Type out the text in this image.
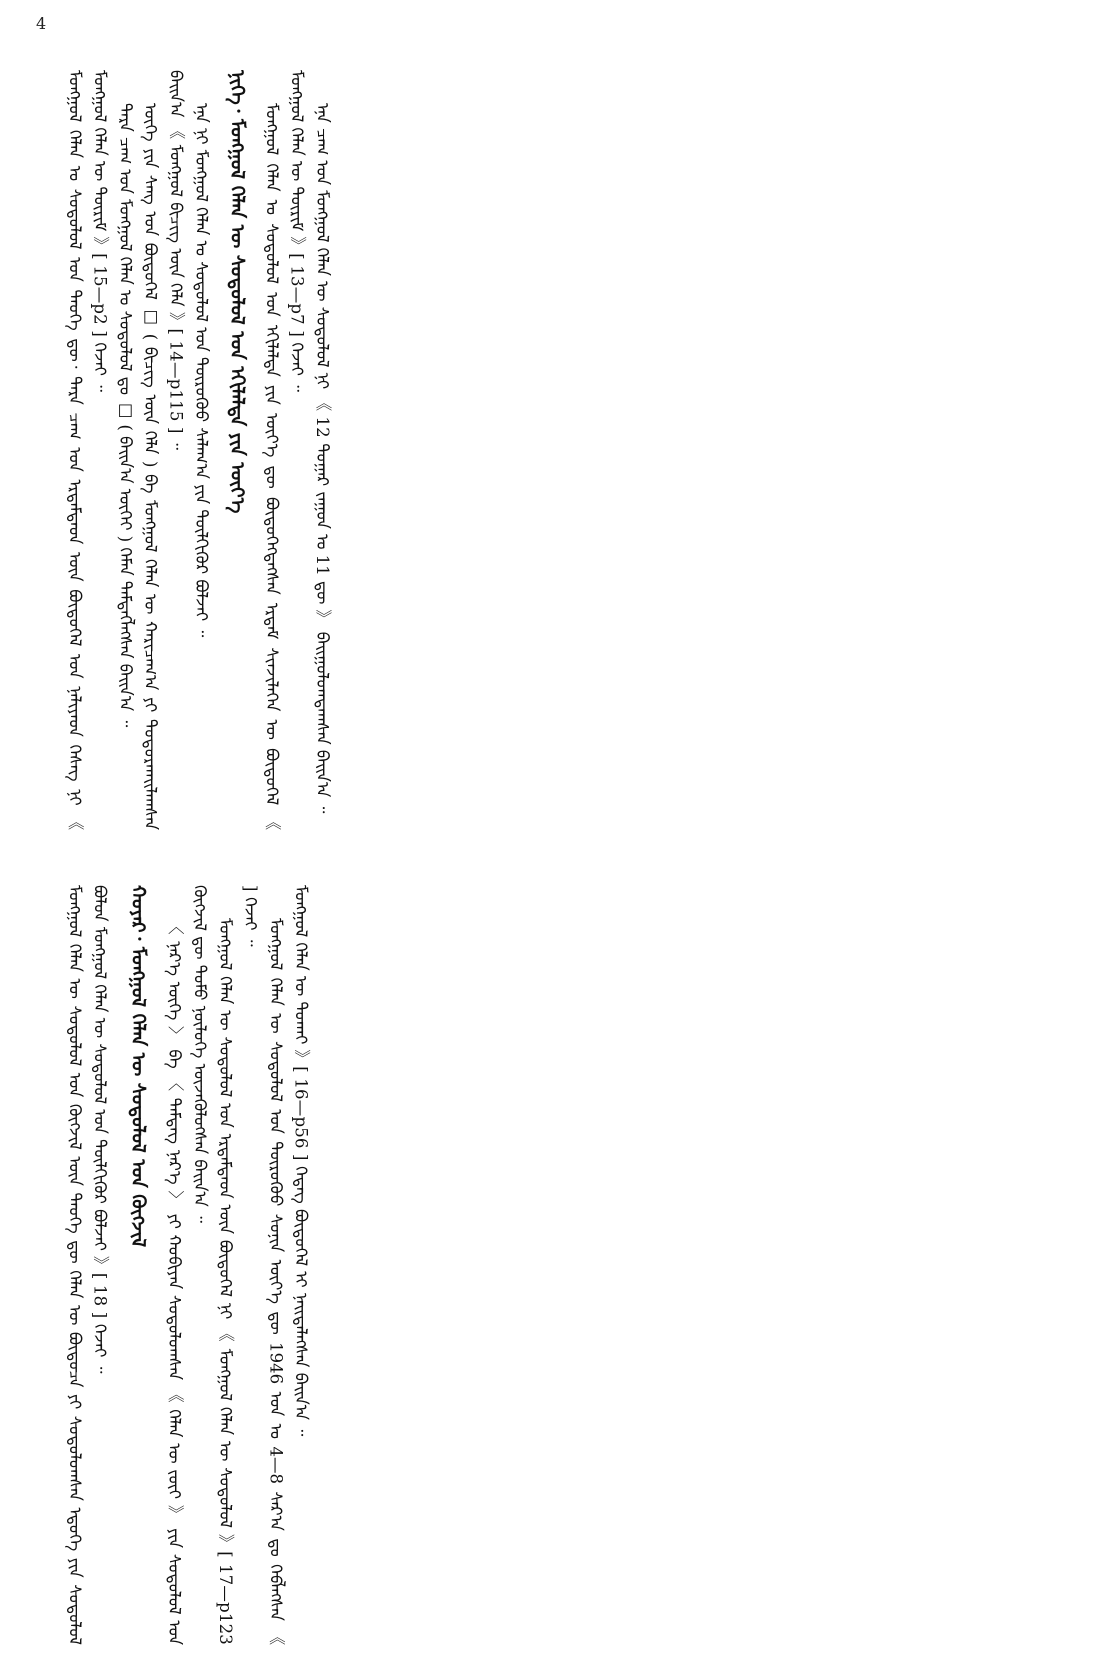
4

ᠮᠣᠩᠭᠣᠯ ᠬᠡᠯᠡᠨ ᠤ ᠰᠤᠳᠤᠯᠤᠯ ᠤᠨ ᠲᠡᠦᠬᠡ ᠳᠦ᠂ ᠲᠡᠷᠡ ᠴᠠᠭ ᠤᠨ ᠡᠷᠳᠡᠮᠲᠡᠳ ᠦᠨ ᠪᠦᠲᠦᠭᠡᠯ ᠤᠨ ᠨᠡᠯᠢᠶᠡᠳ ᠬᠡᠰᠡᠭ ᠨᠢ 《 ᠮᠣᠩᠭᠣᠯ ᠬᠡᠯᠡᠨ ᠦ ᠳᠦᠷᠢᠮ 》[ 15—p2 ] ᠭᠡᠵᠡᠢ ᠃ ᠲᠡᠷᠡ ᠴᠠᠭ ᠤᠨ ᠮᠣᠩᠭᠣᠯ ᠬᠡᠯᠡᠨ ᠤ ᠰᠤᠳᠤᠯᠤᠯ ᠳᠤ □ ( ᠪᠠᠢᠨ᠎ᠠ ᠦᠭᠡᠢ ) ᠬᠡᠮᠡᠨ ᠲᠡᠮᠳᠡᠭᠯᠡᠭᠰᠡᠨ ᠪᠠᠢᠨ᠎ᠠ ᠃ ᠦᠭᠡ ᠶᠢᠨ ᠰᠠᠩ ᠤᠨ ᠪᠦᠲᠦᠭᠡᠯ □ ( ᠪᠢᠴᠢᠭ᠌ ᠦᠨ ᠬᠡᠯᠡ ) ᠪᠠ ᠮᠣᠩᠭᠣᠯ ᠬᠡᠯᠡᠨ ᠦ ᠬᠠᠷᠢᠴᠠᠭ᠎ᠠ ᠶᠢ ᠲᠣᠳᠣᠷᠬᠠᠢᠯᠠᠭᠰᠠᠨ ᠪᠠᠢᠨ᠎ᠠ 《 ᠮᠣᠩᠭᠣᠯ ᠪᠢᠴᠢᠭ᠌ ᠦᠨ ᠬᠡᠯᠡ 》[ 14—p115 ] ᠃ ᠡᠨᠡ ᠨᠢ ᠮᠣᠩᠭᠣᠯ ᠬᠡᠯᠡᠨ ᠤ ᠰᠤᠳᠤᠯᠤᠯ ᠤᠨ ᠲᠦᠷᠦᠭᠦᠦ ᠰᠠᠯᠠᠭ᠎ᠠ ᠶᠢᠨ ᠲᠦᠯᠬᠢᠭᠦᠷ ᠪᠣᠯᠵᠠᠢ ᠃ ᠨᠢᠭᠡ᠂ ᠮᠣᠩᠭᠣᠯ ᠬᠡᠯᠡᠨ ᠦ ᠰᠤᠳᠤᠯᠤᠯ ᠤᠨ ᠡᠬᠢᠯᠡᠯᠲᠡ ᠶᠢᠨ ᠦᠶ᠎ᠡ ᠮᠣᠩᠭᠣᠯ ᠬᠡᠯᠡᠨ ᠤ ᠰᠤᠳᠤᠯᠤᠯ ᠤᠨ ᠡᠬᠢᠯᠡᠯᠲᠡ ᠶᠢᠨ ᠦᠶ᠎ᠡ ᠳᠦ ᠪᠦᠲᠦᠭᠡᠭᠳᠡᠭᠰᠡᠨ ᠡᠷᠳᠡᠮ ᠰᠢᠨᠵᠢᠯᠡᠭᠡᠨ ᠦ ᠪᠦᠲᠦᠭᠡᠯ 《 ᠮᠣᠩᠭᠣᠯ ᠬᠡᠯᠡᠨ ᠦ ᠳᠦᠷᠢᠮ 》[ 13—p7 ] ᠭᠡᠵᠡᠢ ᠃ ᠡᠨᠡ ᠴᠠᠭ ᠤᠨ ᠮᠣᠩᠭᠣᠯ ᠬᠡᠯᠡᠨ ᠦ ᠰᠤᠳᠤᠯᠤᠯ ᠨᠢ 《 12 ᠳᠤᠭᠠᠷ ᠵᠠᠭᠤᠨ ᠤ 11 ᠳᠦ 》 ᠪᠠᠢᠭᠤᠯᠤᠭᠳᠠᠭᠰᠠᠨ ᠪᠠᠢᠨ᠎ᠠ ᠃

ᠮᠣᠩᠭᠣᠯ ᠬᠡᠯᠡᠨ ᠦ ᠰᠤᠳᠤᠯᠤᠯ ᠤᠨ ᠬᠥᠭᠵᠢᠯ ᠦᠨ ᠲᠡᠦᠬᠡ ᠳᠦ ᠬᠡᠯᠡᠨ ᠦ ᠪᠦᠲᠦᠴᠡ ᠶᠢ ᠰᠤᠳᠤᠯᠤᠭᠰᠠᠨ ᠡᠳᠦᠭᠡ ᠶᠢᠨ ᠰᠤᠳᠤᠯᠤᠯ ᠪᠣᠯᠤᠨ ᠮᠣᠩᠭᠣᠯ ᠬᠡᠯᠡᠨ ᠦ ᠰᠤᠳᠤᠯᠤᠯ ᠤᠨ ᠲᠦᠯᠬᠢᠭᠦᠷ ᠪᠣᠯᠵᠠᠢ 》[ 18 ] ᠭᠡᠵᠡᠢ ᠃ ᠬᠣᠶᠠᠷ᠂ ᠮᠣᠩᠭᠣᠯ ᠬᠡᠯᠡᠨ ᠦ ᠰᠤᠳᠤᠯᠤᠯ ᠤᠨ ᠬᠥᠭᠵᠢᠯ 〈 ᠨᠡᠷ᠎ᠡ ᠦᠭᠡ 〉 ᠪᠠ 〈 ᠲᠡᠮᠳᠡᠭ ᠨᠡᠷ᠎ᠡ 〉 ᠶᠢ ᠬᠤᠪᠢᠶᠠᠨ ᠰᠤᠳᠤᠯᠤᠭᠰᠠᠨ 《 ᠬᠡᠯᠡᠨ ᠦ ᠵᠦᠢ 》 ᠶᠢᠨ ᠰᠤᠳᠤᠯᠤᠯ ᠤᠨ ᠬᠥᠭᠵᠢᠯ ᠳᠦ ᠲᠣᠮᠣ ᠨᠥᠯᠦᠭᠡ ᠦᠵᠡᠭᠦᠯᠦᠭᠰᠡᠨ ᠪᠠᠢᠨ᠎ᠠ ᠃ ᠮᠣᠩᠭᠣᠯ ᠬᠡᠯᠡᠨ ᠦ ᠰᠤᠳᠤᠯᠤᠯ ᠤᠨ ᠡᠷᠳᠡᠮᠲᠡᠳ ᠦᠨ ᠪᠦᠲᠦᠭᠡᠯ ᠨᠢ 《 ᠮᠣᠩᠭᠣᠯ ᠬᠡᠯᠡᠨ ᠦ ᠰᠤᠳᠤᠯᠤᠯ 》[ 17—p123 ] ᠭᠡᠵᠡᠢ ᠃

ᠮᠣᠩᠭᠣᠯ ᠬᠡᠯᠡᠨ ᠦ ᠰᠤᠳᠤᠯᠤᠯ ᠤᠨ ᠲᠦᠷᠦᠭᠦᠦ ᠰᠣᠨᠢᠨ ᠦᠶ᠎ᠡ ᠳᠦ 1946 ᠣᠨ ᠤ 4—8 ᠰᠠᠷ᠎ᠠ ᠳᠤ ᠬᠡᠪᠯᠡᠭᠰᠡᠨ 《 ᠮᠣᠩᠭᠣᠯ ᠬᠡᠯᠡᠨ ᠦ ᠲᠤᠬᠠᠢ 》[ 16—p56 ] ᠭᠡᠳᠡᠭ ᠪᠦᠲᠦᠭᠡᠯ ᠢ ᠨᠡᠢᠲᠡᠯᠡᠭᠰᠡᠨ ᠪᠠᠢᠨ᠎ᠠ ᠃
